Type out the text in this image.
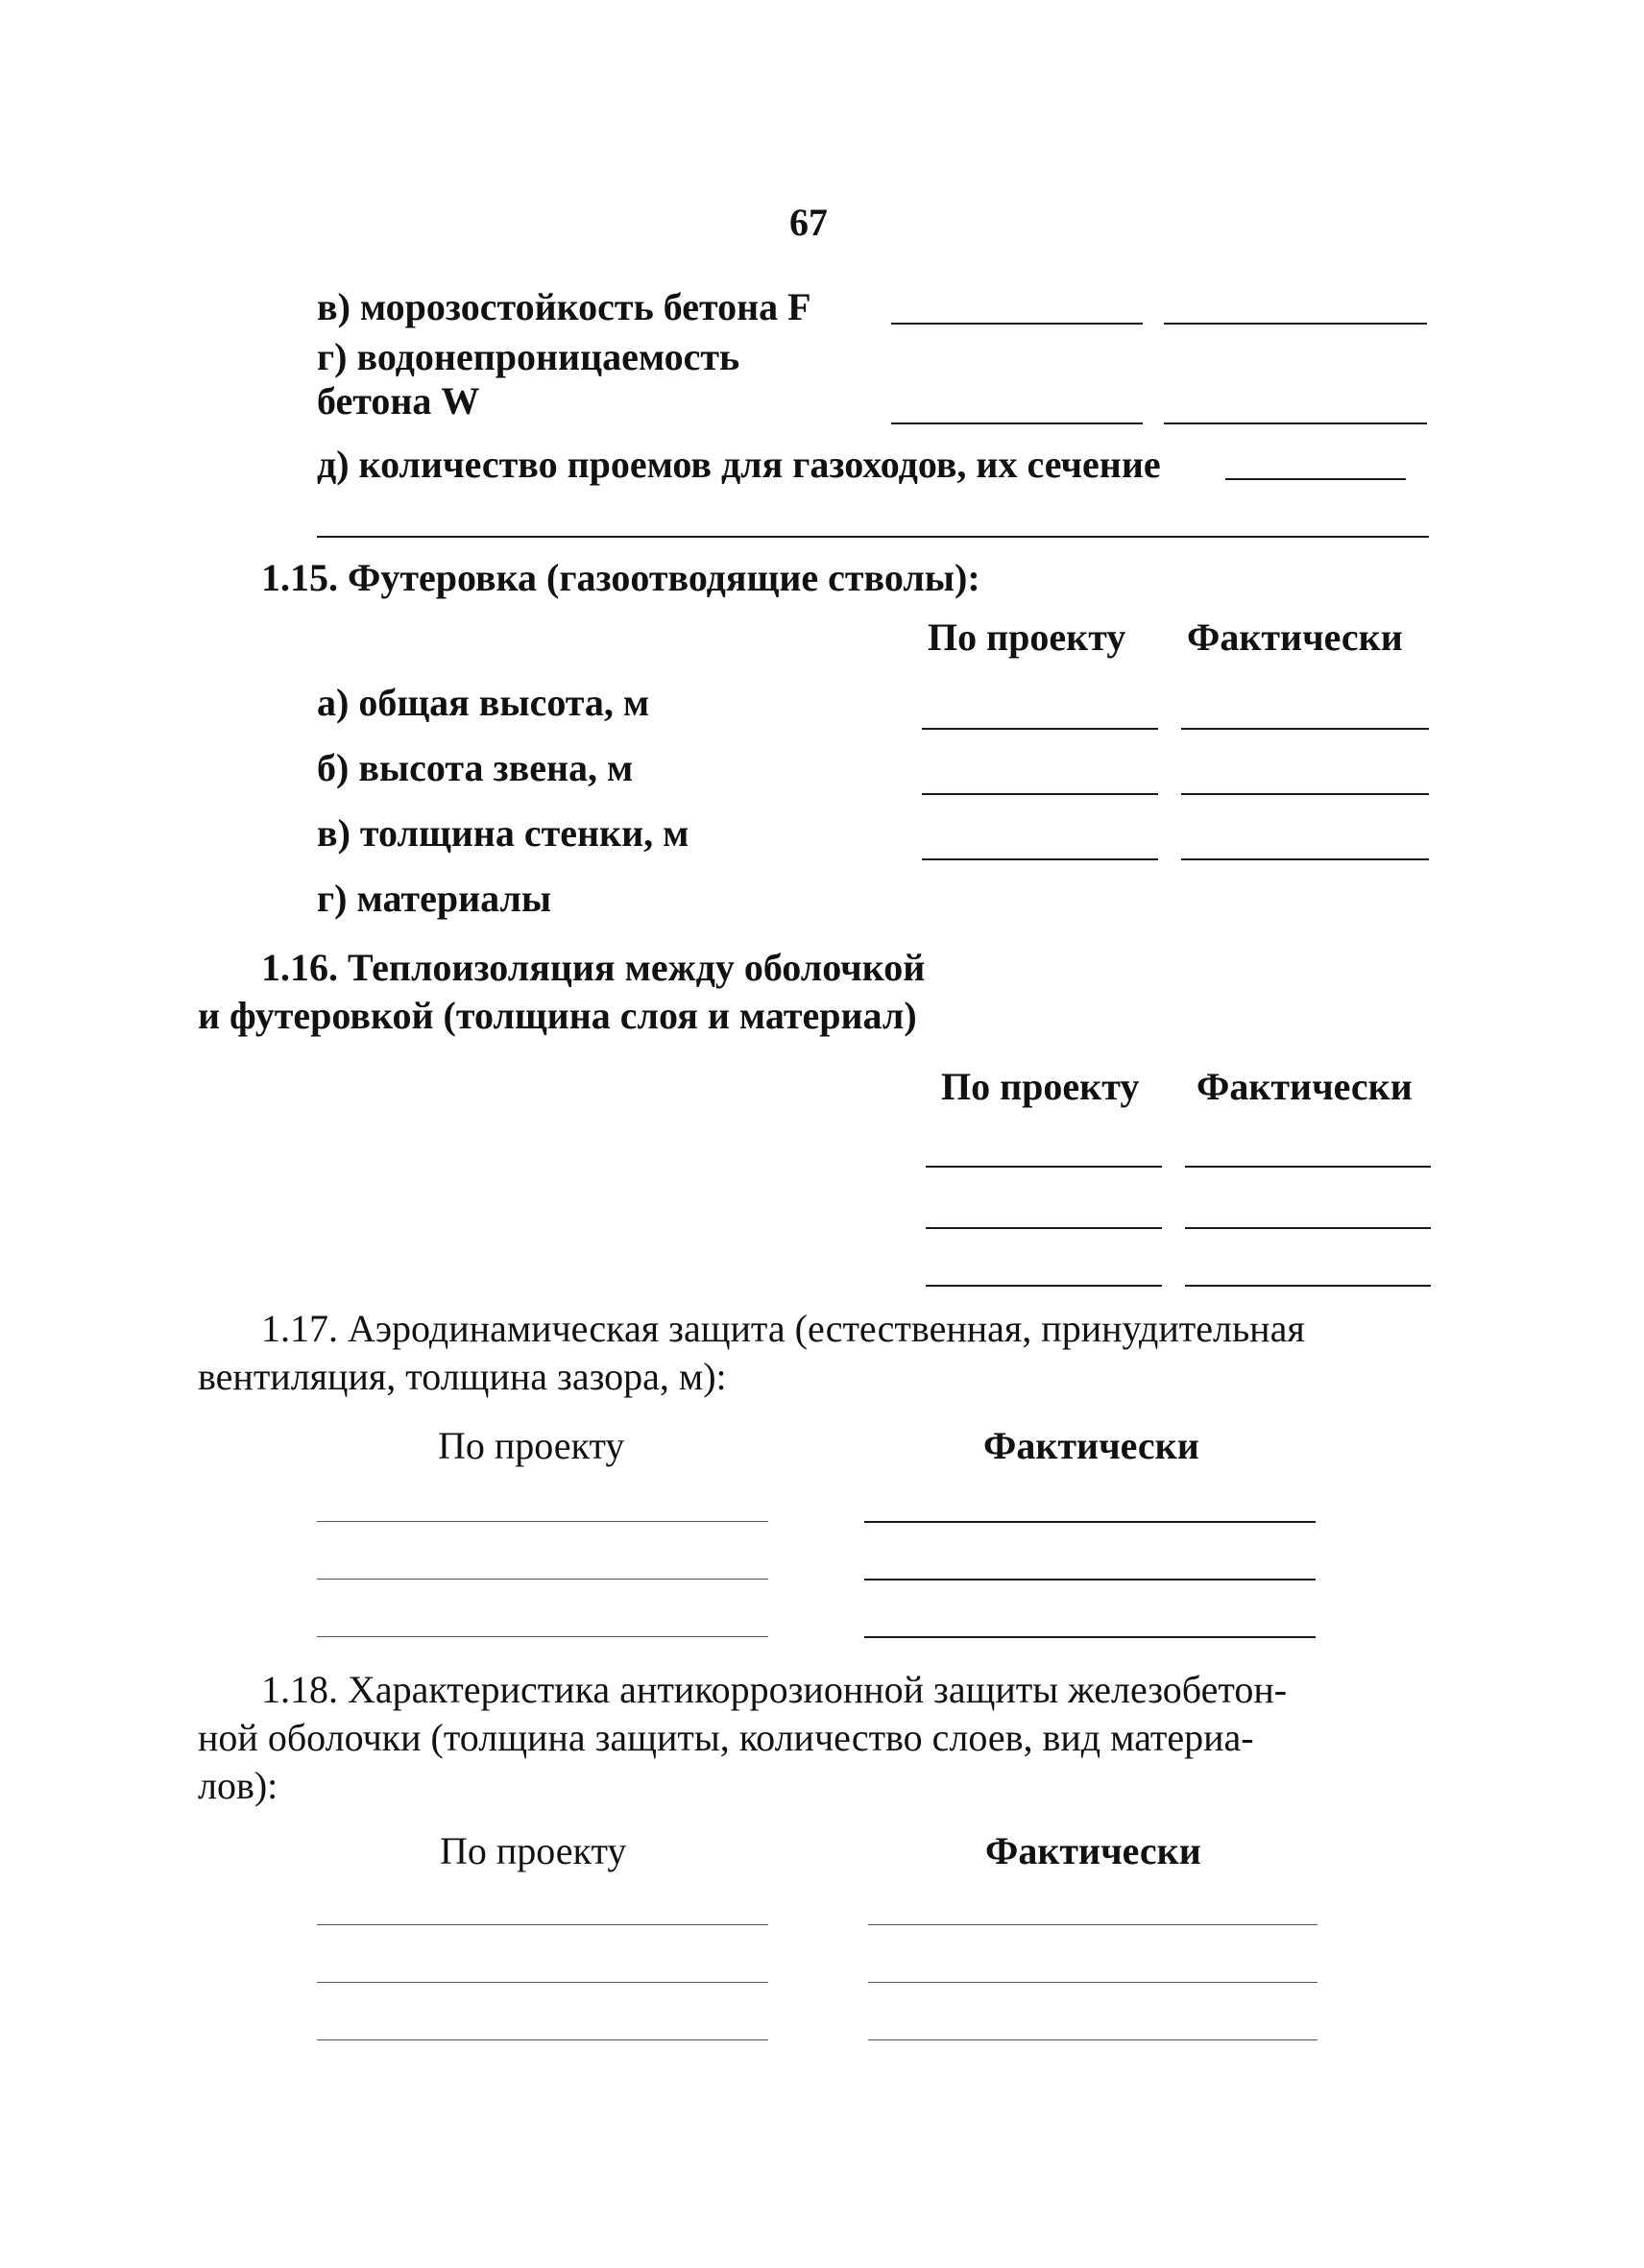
67
в) морозостойкость бетона F
г) водонепроницаемость
бетона W
д) количество проемов для газоходов, их сечение
1.15. Футеровка (газоотводящие стволы):
По проекту Фактически
а) общая высота, м
б) высота звена, м
в) толщина стенки, м
г) материалы
1.16. Теплоизоляция между оболочкой
и футеровкой (толщина слоя и материал)
По проекту Фактически
1.17. Аэродинамическая защита (естественная, принудительная
вентиляция, толщина зазора, м):
По проекту	Фактически
1.18. Характеристика антикоррозионной защиты железобетон-
ной оболочки (толщина защиты, количество слоев, вид материа-
лов):
По проекту	Фактически
